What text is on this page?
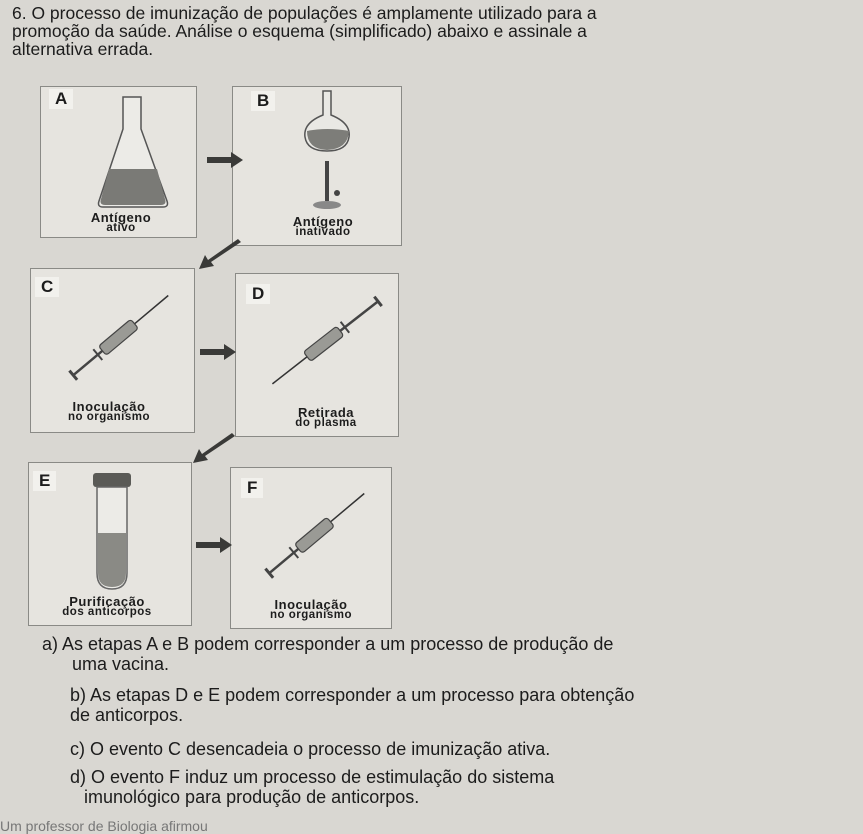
6. O processo de imunização de populações é amplamente utilizado para a
promoção da saúde. Análise o esquema (simplificado) abaixo e assinale a
alternativa errada.
A
Antígeno
ativo
B
Antígeno
inativado
C
Inoculação
no organismo
D
Retirada
do plasma
E
Purificação
dos anticorpos
F
Inoculação
no organismo
a) As etapas A e B podem corresponder a um processo de produção de
uma vacina.
b) As etapas D e E podem corresponder a um processo para obtenção
de anticorpos.
c) O evento C desencadeia o processo de imunização ativa.
d) O evento F induz um processo de estimulação do sistema
imunológico para produção de anticorpos.
Um professor de Biologia afirmou
